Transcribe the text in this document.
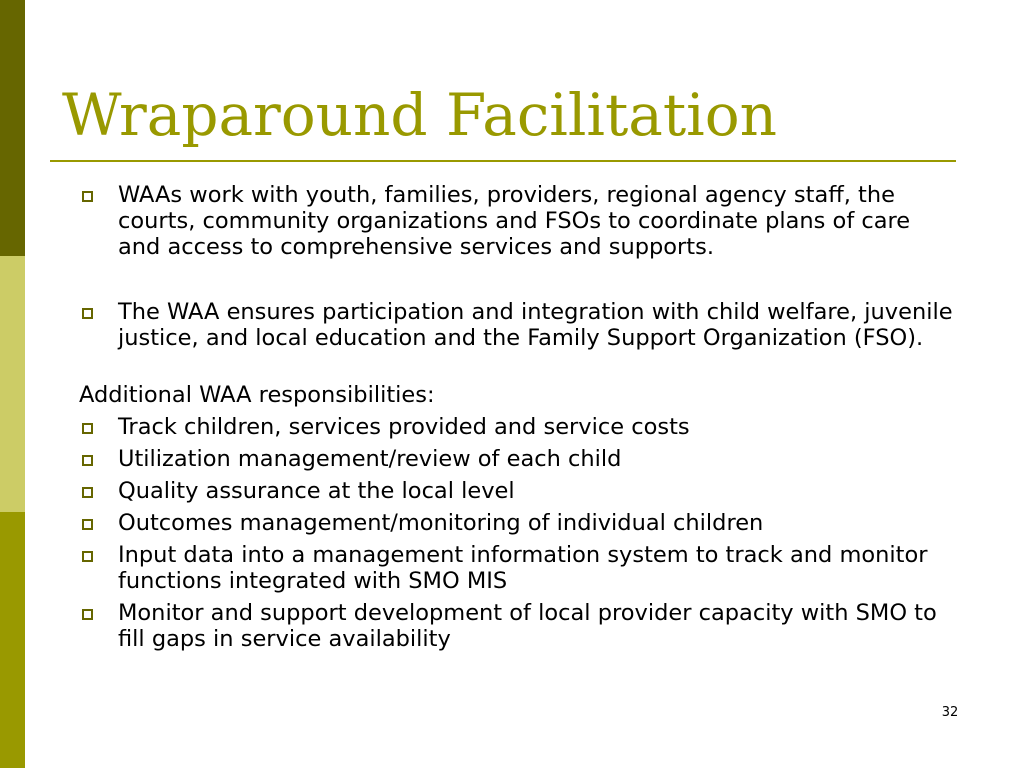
Wraparound Facilitation

WAAs work with youth, families, providers, regional agency staff, the courts, community organizations and FSOs to coordinate plans of care and access to comprehensive services and supports.

The WAA ensures participation and integration with child welfare, juvenile justice, and local education and the Family Support Organization (FSO).

Additional WAA responsibilities:

Track children, services provided and service costs

Utilization management/review of each child

Quality assurance at the local level

Outcomes management/monitoring of individual children

Input data into a management information system to track and monitor functions integrated with SMO MIS

Monitor and support development of local provider capacity with SMO to fill gaps in service availability

32
